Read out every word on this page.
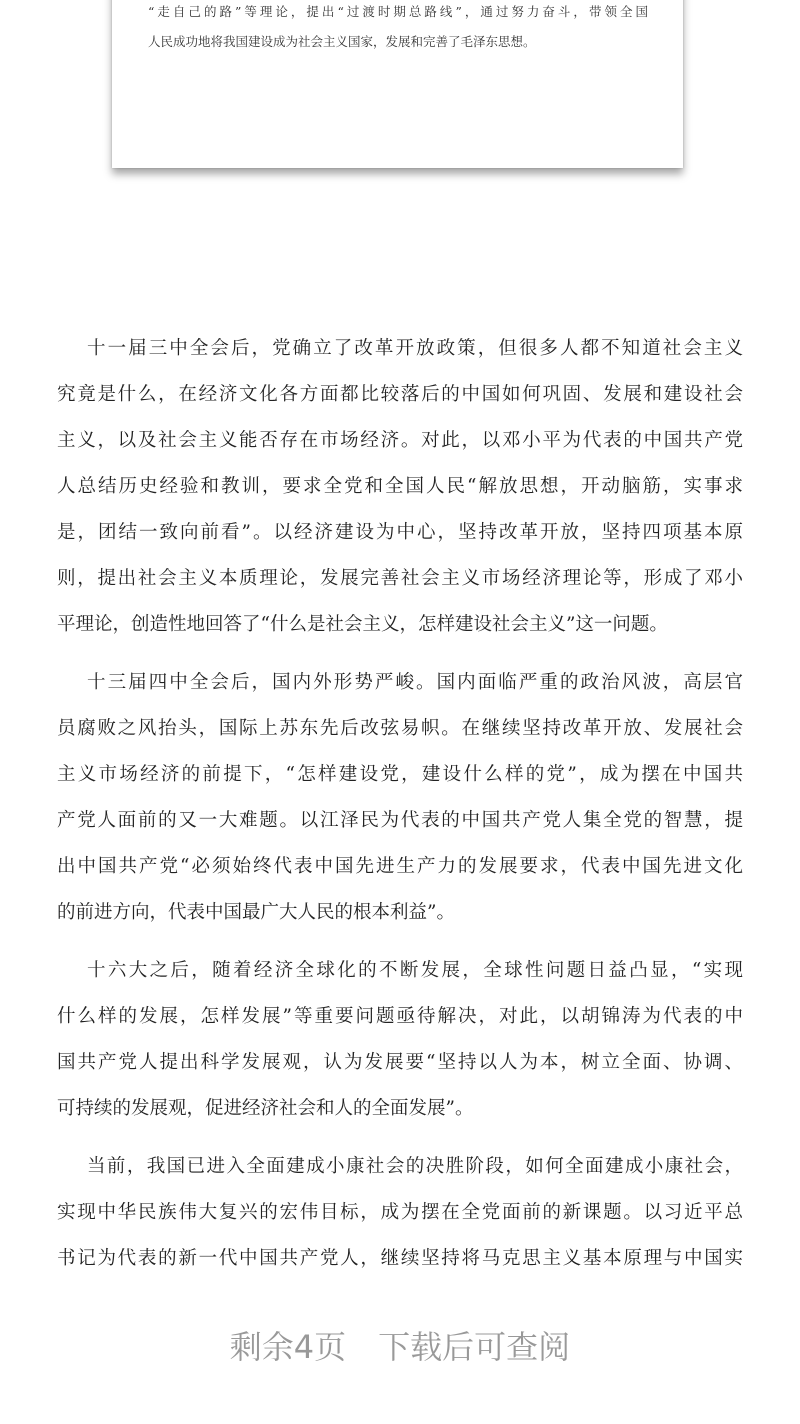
“走自己的路”等理论，提出“过渡时期总路线”，通过努力奋斗，带领全国
人民成功地将我国建设成为社会主义国家，发展和完善了毛泽东思想。
十一届三中全会后，党确立了改革开放政策，但很多人都不知道社会主义
究竟是什么，在经济文化各方面都比较落后的中国如何巩固、发展和建设社会
主义，以及社会主义能否存在市场经济。对此，以邓小平为代表的中国共产党
人总结历史经验和教训，要求全党和全国人民“解放思想，开动脑筋，实事求
是，团结一致向前看”。以经济建设为中心，坚持改革开放，坚持四项基本原
则，提出社会主义本质理论，发展完善社会主义市场经济理论等，形成了邓小
平理论，创造性地回答了“什么是社会主义，怎样建设社会主义”这一问题。
十三届四中全会后，国内外形势严峻。国内面临严重的政治风波，高层官
员腐败之风抬头，国际上苏东先后改弦易帜。在继续坚持改革开放、发展社会
主义市场经济的前提下，“怎样建设党，建设什么样的党”，成为摆在中国共
产党人面前的又一大难题。以江泽民为代表的中国共产党人集全党的智慧，提
出中国共产党“必须始终代表中国先进生产力的发展要求，代表中国先进文化
的前进方向，代表中国最广大人民的根本利益”。
十六大之后，随着经济全球化的不断发展，全球性问题日益凸显，“实现
什么样的发展，怎样发展”等重要问题亟待解决，对此，以胡锦涛为代表的中
国共产党人提出科学发展观，认为发展要“坚持以人为本，树立全面、协调、
可持续的发展观，促进经济社会和人的全面发展”。
当前，我国已进入全面建成小康社会的决胜阶段，如何全面建成小康社会，
实现中华民族伟大复兴的宏伟目标，成为摆在全党面前的新课题。以习近平总
书记为代表的新一代中国共产党人，继续坚持将马克思主义基本原理与中国实
剩余4页 下载后可查阅
